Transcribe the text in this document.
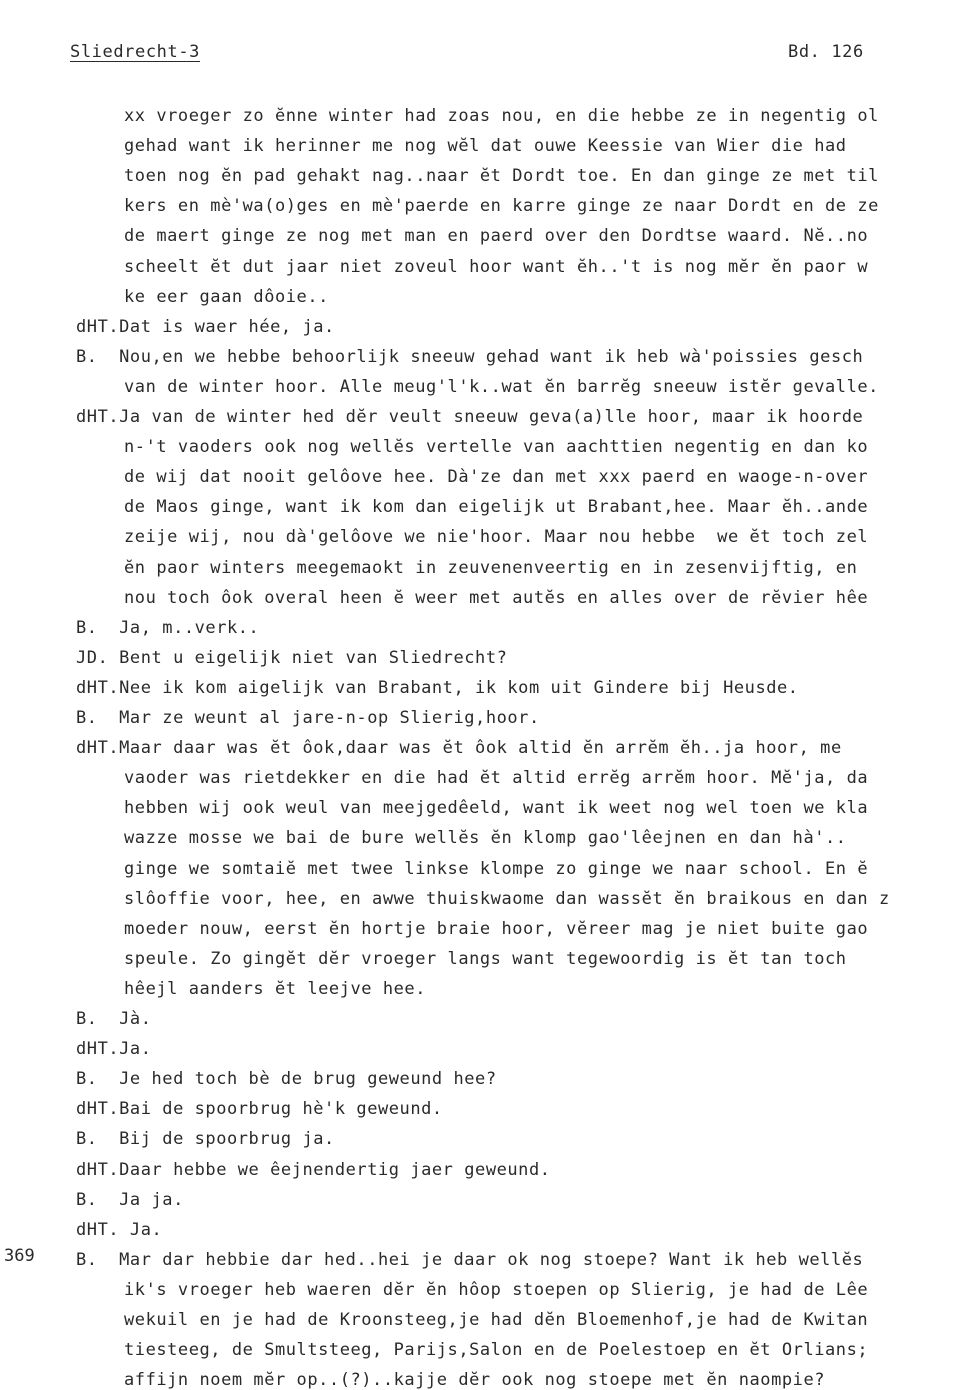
Sliedrecht-3	Bd. 126
xx vroeger zo ĕnne winter had zoas nou, en die hebbe ze in negentig ol
gehad want ik herinner me nog wĕl dat ouwe Keessie van Wier die had
toen nog ĕn pad gehakt nag..naar ĕt Dordt toe. En dan ginge ze met til
kers en mè'wa(o)ges en mè'paerde en karre ginge ze naar Dordt en de ze
de maert ginge ze nog met man en paerd over den Dordtse waard. Nĕ..no
scheelt ĕt dut jaar niet zoveul hoor want ĕh..'t is nog mĕr ĕn paor w
ke eer gaan dôoie..
dHT.Dat is waer hée, ja.
B.  Nou,en we hebbe behoorlijk sneeuw gehad want ik heb wà'poissies gesch
van de winter hoor. Alle meug'l'k..wat ĕn barrĕg sneeuw istĕr gevalle.
dHT.Ja van de winter hed dĕr veult sneeuw geva(a)lle hoor, maar ik hoorde
n-'t vaoders ook nog wellĕs vertelle van aachttien negentig en dan ko
de wij dat nooit gelôove hee. Dà'ze dan met xxx paerd en waoge-n-over
de Maos ginge, want ik kom dan eigelijk ut Brabant,hee. Maar ĕh..ande
zeije wij, nou dà'gelôove we nie'hoor. Maar nou hebbe  we ĕt toch zel
ĕn paor winters meegemaokt in zeuvenenveertig en in zesenvijftig, en
nou toch ôok overal heen ĕ weer met autĕs en alles over de rĕvier hêe
B.  Ja, m..verk..
JD. Bent u eigelijk niet van Sliedrecht?
dHT.Nee ik kom aigelijk van Brabant, ik kom uit Gindere bij Heusde.
B.  Mar ze weunt al jare-n-op Slierig,hoor.
dHT.Maar daar was ĕt ôok,daar was ĕt ôok altid ĕn arrĕm ĕh..ja hoor, me
vaoder was rietdekker en die had ĕt altid errĕg arrĕm hoor. Mĕ'ja, da
hebben wij ook weul van meejgedêeld, want ik weet nog wel toen we kla
wazze mosse we bai de bure wellĕs ĕn klomp gao'lêejnen en dan hà'..
ginge we somtaiĕ met twee linkse klompe zo ginge we naar school. En ĕ
slôoffie voor, hee, en awwe thuiskwaome dan wassĕt ĕn braikous en dan z
moeder nouw, eerst ĕn hortje braie hoor, vĕreer mag je niet buite gao
speule. Zo gingĕt dĕr vroeger langs want tegewoordig is ĕt tan toch
hêejl aanders ĕt leejve hee.
B.  Jà.
dHT.Ja.
B.  Je hed toch bè de brug geweund hee?
dHT.Bai de spoorbrug hè'k geweund.
B.  Bij de spoorbrug ja.
dHT.Daar hebbe we êejnendertig jaer geweund.
B.  Ja ja.
dHT. Ja.
B.  Mar dar hebbie dar hed..hei je daar ok nog stoepe? Want ik heb wellĕs
ik's vroeger heb waeren dĕr ĕn hôop stoepen op Slierig, je had de Lêe
wekuil en je had de Kroonsteeg,je had dĕn Bloemenhof,je had de Kwitan
tiesteeg, de Smultsteeg, Parijs,Salon en de Poelestoep en ĕt Orlians;
affijn noem mĕr op..(?)..kajje dĕr ook nog stoepe met ĕn naompie?
369
